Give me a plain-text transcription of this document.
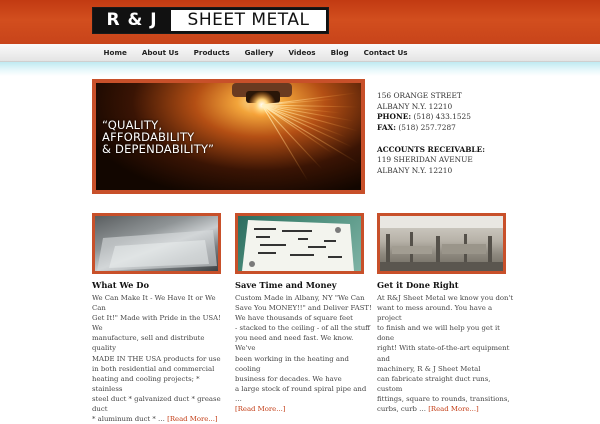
R & J	SHEET METAL
Home	About Us	Products	Gallery	Videos	Blog	Contact Us
“QUALITY,
AFFORDABILITY
& DEPENDABILITY”
156 ORANGE STREET
ALBANY N.Y. 12210
PHONE: (518) 433.1525
FAX: (518) 257.7287
ACCOUNTS RECEIVABLE:
119 SHERIDAN AVENUE
ALBANY N.Y. 12210
What We Do
We Can Make It - We Have It or We Can
Get It!" Made with Pride in the USA! We
manufacture, sell and distribute quality
MADE IN THE USA products for use
in both residential and commercial
heating and cooling projects; * stainless
steel duct * galvanized duct * grease duct
* aluminum duct * … [Read More...]
Save Time and Money
Custom Made in Albany, NY "We Can
Save You MONEY!!" and Deliver FAST!
We have thousands of square feet
- stacked to the ceiling - of all the stuff
you need and need fast. We know. We've
been working in the heating and cooling
business for decades. We have
a large stock of round spiral pipe and …
[Read More...]
Get it Done Right
At R&J Sheet Metal we know you don't
want to mess around. You have a project
to finish and we will help you get it done
right! With state-of-the-art equipment and
machinery, R & J Sheet Metal
can fabricate straight duct runs, custom
fittings, square to rounds, transitions,
curbs, curb … [Read More...]
